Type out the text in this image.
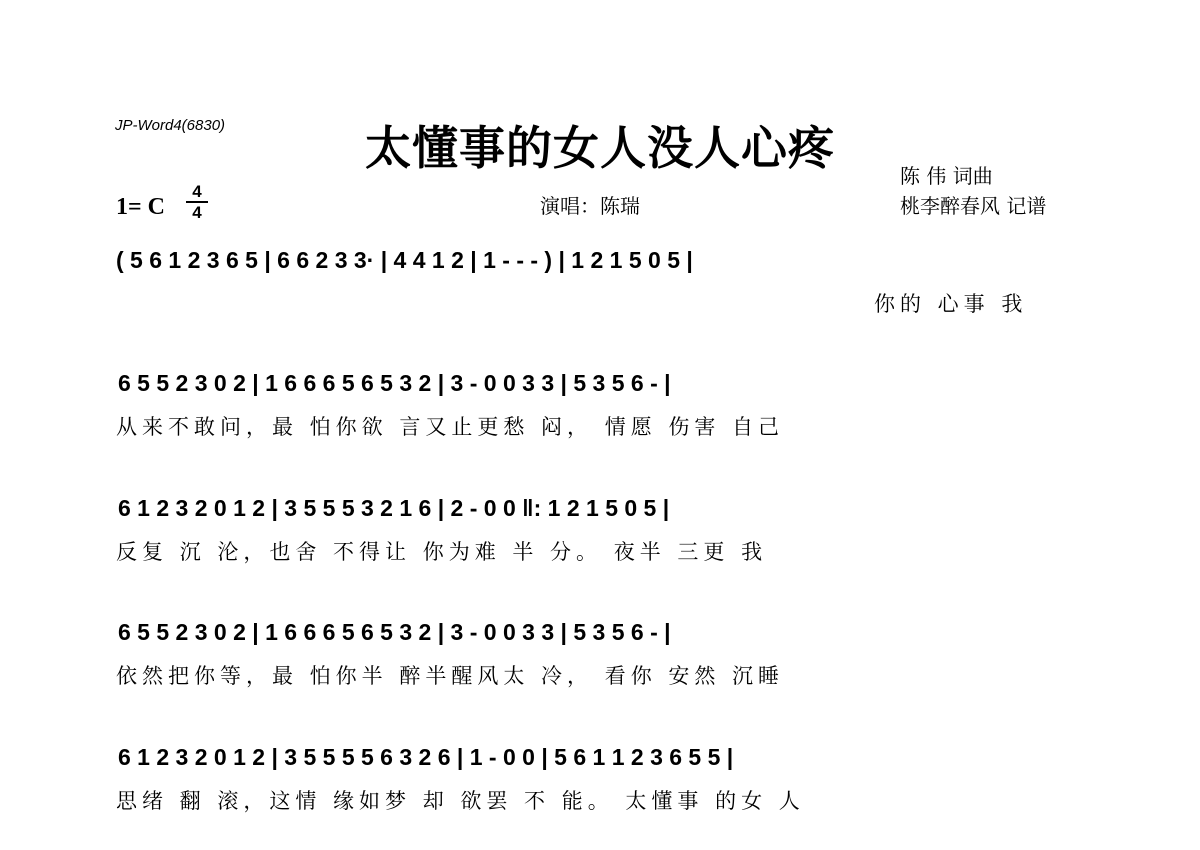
JP-Word4(6830)	太懂事的女人没人心疼
1= C
4
4
陈 伟 词曲
演唱：陈瑞	桃李醉春风 记谱
( 5 6 1 2 3 6 5 | 6 6 2 3 3· | 4 4 1 2 | 1 - - - ) | 1 2 1 5 0 5 |
你的 心事 我
6 5 5 2 3 0 2 | 1 6 6 6 5 6 5 3 2 | 3 - 0 0 3 3 | 5 3 5 6 - |
从来不敢问，最 怕你欲 言又止更愁 闷， 情愿 伤害 自己
6 1 2 3 2 0 1 2 | 3 5 5 5 3 2 1 6 | 2 - 0 0 ‖: 1 2 1 5 0 5 |
反复 沉 沦，也舍 不得让 你为难 半 分。 夜半 三更 我
6 5 5 2 3 0 2 | 1 6 6 6 5 6 5 3 2 | 3 - 0 0 3 3 | 5 3 5 6 - |
依然把你等，最 怕你半 醉半醒风太 冷， 看你 安然 沉睡
6 1 2 3 2 0 1 2 | 3 5 5 5 5 6 3 2 6 | 1 - 0 0 | 5 6 1 1 2 3 6 5 5 |
思绪 翻 滚，这情 缘如梦 却 欲罢 不 能。 太懂事 的女 人
